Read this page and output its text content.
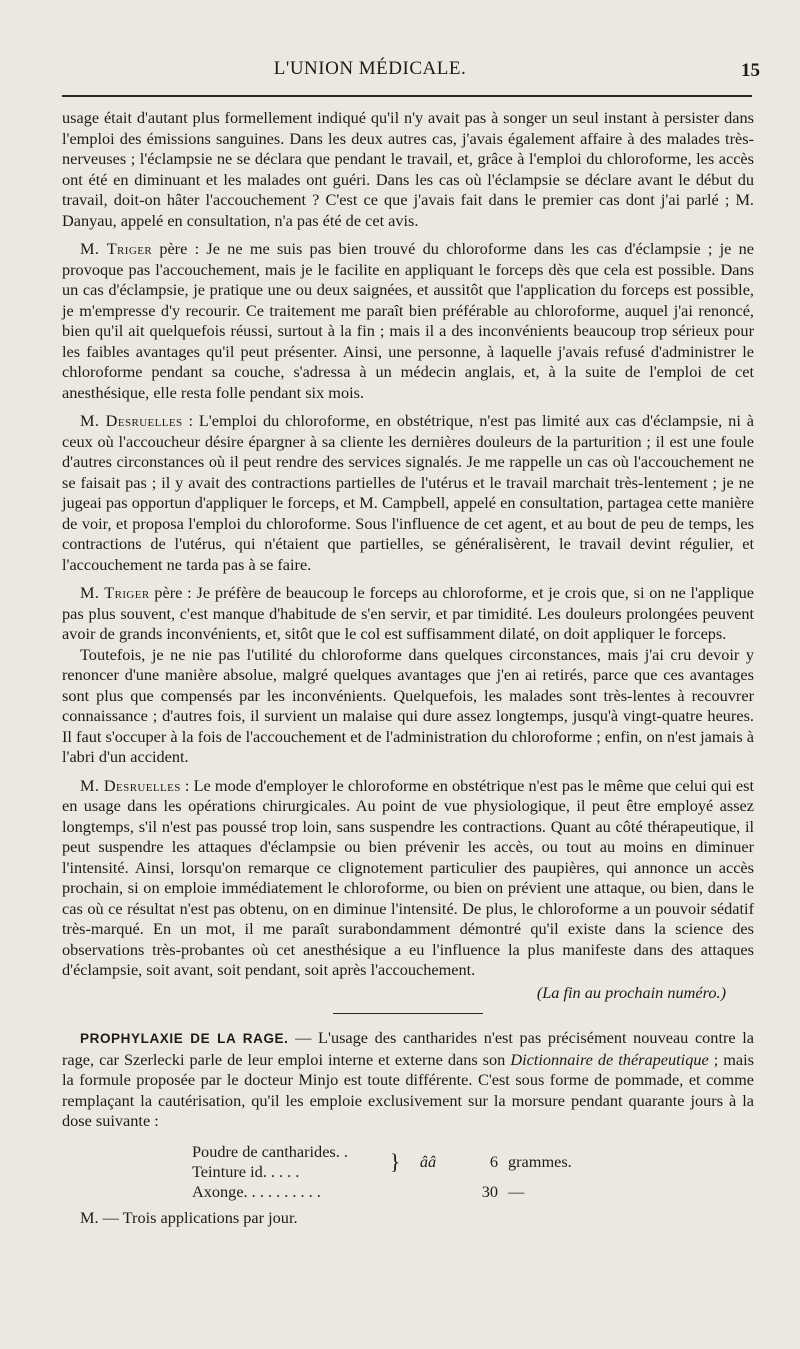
L'UNION MÉDICALE.	15

usage était d'autant plus formellement indiqué qu'il n'y avait pas à songer un seul instant à persister dans l'emploi des émissions sanguines. Dans les deux autres cas, j'avais également affaire à des malades très-nerveuses ; l'éclampsie ne se déclara que pendant le travail, et, grâce à l'emploi du chloroforme, les accès ont été en diminuant et les malades ont guéri. Dans les cas où l'éclampsie se déclare avant le début du travail, doit-on hâter l'accouchement ? C'est ce que j'avais fait dans le premier cas dont j'ai parlé ; M. Danyau, appelé en consultation, n'a pas été de cet avis.

M. Triger père : Je ne me suis pas bien trouvé du chloroforme dans les cas d'éclampsie ; je ne provoque pas l'accouchement, mais je le facilite en appliquant le forceps dès que cela est possible. Dans un cas d'éclampsie, je pratique une ou deux saignées, et aussitôt que l'application du forceps est possible, je m'empresse d'y recourir. Ce traitement me paraît bien préférable au chloroforme, auquel j'ai renoncé, bien qu'il ait quelquefois réussi, surtout à la fin ; mais il a des inconvénients beaucoup trop sérieux pour les faibles avantages qu'il peut présenter. Ainsi, une personne, à laquelle j'avais refusé d'administrer le chloroforme pendant sa couche, s'adressa à un médecin anglais, et, à la suite de l'emploi de cet anesthésique, elle resta folle pendant six mois.

M. Desruelles : L'emploi du chloroforme, en obstétrique, n'est pas limité aux cas d'éclampsie, ni à ceux où l'accoucheur désire épargner à sa cliente les dernières douleurs de la parturition ; il est une foule d'autres circonstances où il peut rendre des services signalés. Je me rappelle un cas où l'accouchement ne se faisait pas ; il y avait des contractions partielles de l'utérus et le travail marchait très-lentement ; je ne jugeai pas opportun d'appliquer le forceps, et M. Campbell, appelé en consultation, partagea cette manière de voir, et proposa l'emploi du chloroforme. Sous l'influence de cet agent, et au bout de peu de temps, les contractions de l'utérus, qui n'étaient que partielles, se généralisèrent, le travail devint régulier, et l'accouchement ne tarda pas à se faire.

M. Triger père : Je préfère de beaucoup le forceps au chloroforme, et je crois que, si on ne l'applique pas plus souvent, c'est manque d'habitude de s'en servir, et par timidité. Les douleurs prolongées peuvent avoir de grands inconvénients, et, sitôt que le col est suffisamment dilaté, on doit appliquer le forceps.

Toutefois, je ne nie pas l'utilité du chloroforme dans quelques circonstances, mais j'ai cru devoir y renoncer d'une manière absolue, malgré quelques avantages que j'en ai retirés, parce que ces avantages sont plus que compensés par les inconvénients. Quelquefois, les malades sont très-lentes à recouvrer connaissance ; d'autres fois, il survient un malaise qui dure assez longtemps, jusqu'à vingt-quatre heures. Il faut s'occuper à la fois de l'accouchement et de l'administration du chloroforme ; enfin, on n'est jamais à l'abri d'un accident.

M. Desruelles : Le mode d'employer le chloroforme en obstétrique n'est pas le même que celui qui est en usage dans les opérations chirurgicales. Au point de vue physiologique, il peut être employé assez longtemps, s'il n'est pas poussé trop loin, sans suspendre les contractions. Quant au côté thérapeutique, il peut suspendre les attaques d'éclampsie ou bien prévenir les accès, ou tout au moins en diminuer l'intensité. Ainsi, lorsqu'on remarque ce clignotement particulier des paupières, qui annonce un accès prochain, si on emploie immédiatement le chloroforme, ou bien on prévient une attaque, ou bien, dans le cas où ce résultat n'est pas obtenu, on en diminue l'intensité. De plus, le chloroforme a un pouvoir sédatif très-marqué. En un mot, il me paraît surabondamment démontré qu'il existe dans la science des observations très-probantes où cet anesthésique a eu l'influence la plus manifeste dans des attaques d'éclampsie, soit avant, soit pendant, soit après l'accouchement.

(La fin au prochain numéro.)

PROPHYLAXIE DE LA RAGE. — L'usage des cantharides n'est pas précisément nouveau contre la rage, car Szerlecki parle de leur emploi interne et externe dans son Dictionnaire de thérapeutique ; mais la formule proposée par le docteur Minjo est toute différente. C'est sous forme de pommade, et comme remplaçant la cautérisation, qu'il les emploie exclusivement sur la morsure pendant quarante jours à la dose suivante :

Poudre de cantharides. .
Teinture id. . . . .	}	ââ	6 grammes.
Axonge. . . . . . . . . .	30 —
M. — Trois applications par jour.
